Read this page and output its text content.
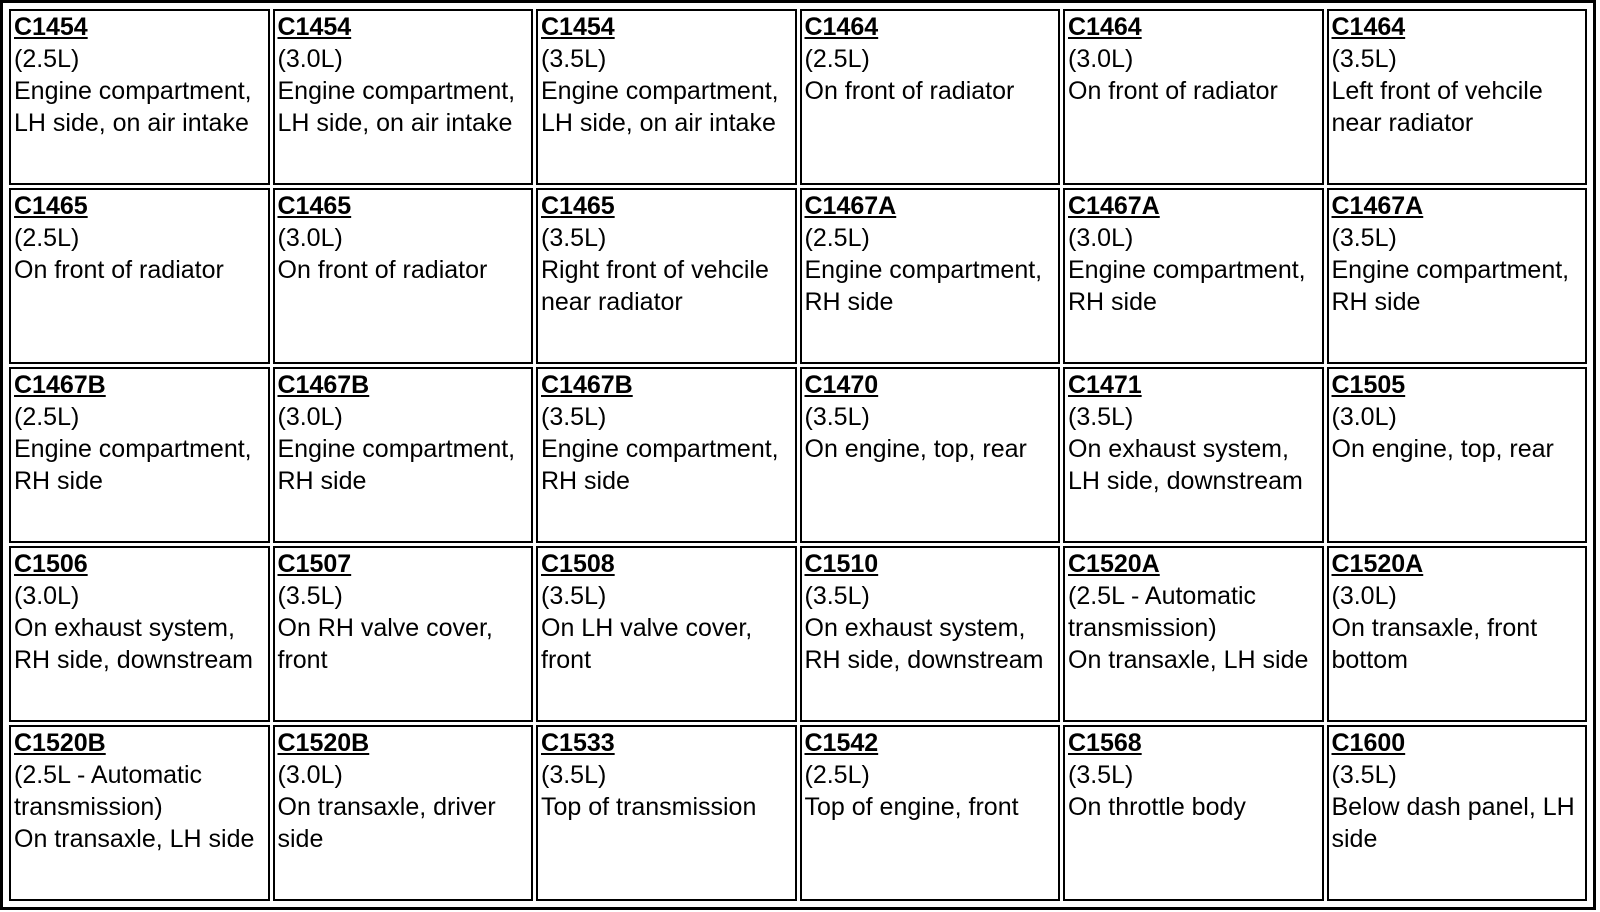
C1454
(2.5L)
Engine compartment, LH side, on air intake	C1454
(3.0L)
Engine compartment, LH side, on air intake	C1454
(3.5L)
Engine compartment, LH side, on air intake	C1464
(2.5L)
On front of radiator	C1464
(3.0L)
On front of radiator	C1464
(3.5L)
Left front of vehcile near radiator

C1465
(2.5L)
On front of radiator	C1465
(3.0L)
On front of radiator	C1465
(3.5L)
Right front of vehcile near radiator	C1467A
(2.5L)
Engine compartment, RH side	C1467A
(3.0L)
Engine compartment, RH side	C1467A
(3.5L)
Engine compartment, RH side

C1467B
(2.5L)
Engine compartment, RH side	C1467B
(3.0L)
Engine compartment, RH side	C1467B
(3.5L)
Engine compartment, RH side	C1470
(3.5L)
On engine, top, rear	C1471
(3.5L)
On exhaust system, LH side, downstream	C1505
(3.0L)
On engine, top, rear

C1506
(3.0L)
On exhaust system, RH side, downstream	C1507
(3.5L)
On RH valve cover, front	C1508
(3.5L)
On LH valve cover, front	C1510
(3.5L)
On exhaust system, RH side, downstream	C1520A
(2.5L - Automatic transmission)
On transaxle, LH side	C1520A
(3.0L)
On transaxle, front bottom

C1520B
(2.5L - Automatic transmission)
On transaxle, LH side	C1520B
(3.0L)
On transaxle, driver side	C1533
(3.5L)
Top of transmission	C1542
(2.5L)
Top of engine, front	C1568
(3.5L)
On throttle body	C1600
(3.5L)
Below dash panel, LH side
